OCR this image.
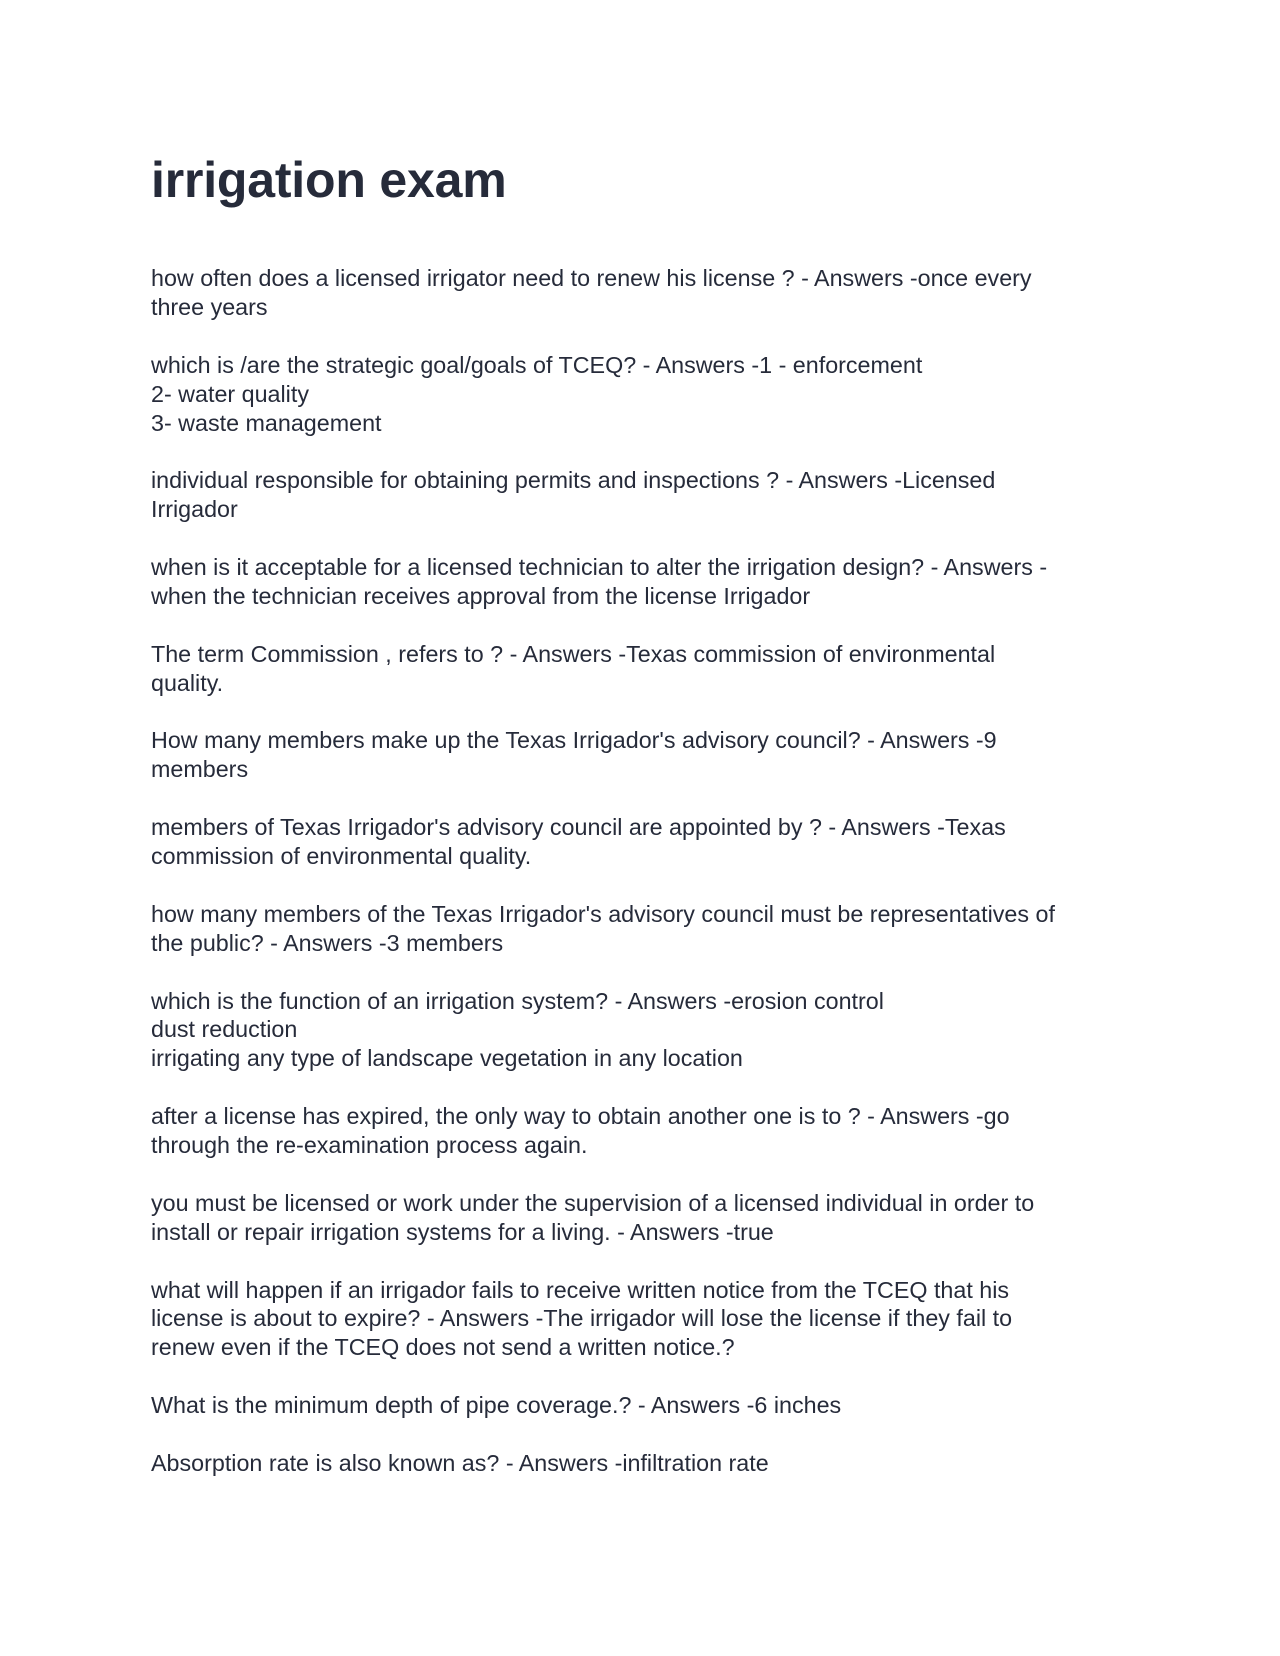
irrigation exam
how often does a licensed irrigator need to renew his license ? - Answers -once every
three years
which is /are the strategic goal/goals of TCEQ? - Answers -1 - enforcement
2- water quality
3- waste management
individual responsible for obtaining permits and inspections ? - Answers -Licensed
Irrigador
when is it acceptable for a licensed technician to alter the irrigation design? - Answers -
when the technician receives approval from the license Irrigador
The term Commission , refers to ? - Answers -Texas commission of environmental
quality.
How many members make up the Texas Irrigador's advisory council? - Answers -9
members
members of Texas Irrigador's advisory council are appointed by ? - Answers -Texas
commission of environmental quality.
how many members of the Texas Irrigador's advisory council must be representatives of
the public? - Answers -3 members
which is the function of an irrigation system? - Answers -erosion control
dust reduction
irrigating any type of landscape vegetation in any location
after a license has expired, the only way to obtain another one is to ? - Answers -go
through the re-examination process again.
you must be licensed or work under the supervision of a licensed individual in order to
install or repair irrigation systems for a living. - Answers -true
what will happen if an irrigador fails to receive written notice from the TCEQ that his
license is about to expire? - Answers -The irrigador will lose the license if they fail to
renew even if the TCEQ does not send a written notice.?
What is the minimum depth of pipe coverage.? - Answers -6 inches
Absorption rate is also known as? - Answers -infiltration rate
